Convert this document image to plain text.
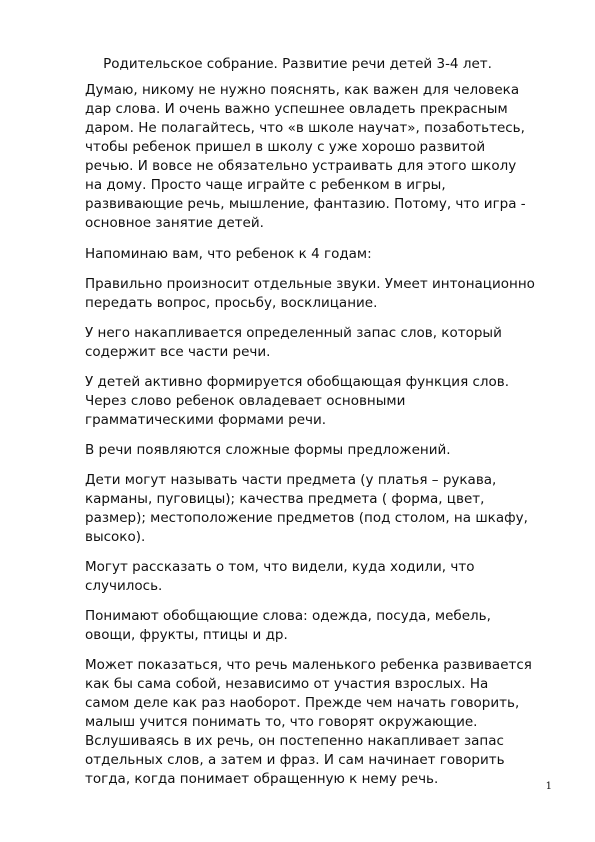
Родительское собрание. Развитие речи детей 3-4 лет.

Думаю, никому не нужно пояснять, как важен для человека
дар слова. И очень важно успешнее овладеть прекрасным
даром. Не полагайтесь, что «в школе научат», позаботьтесь,
чтобы ребенок пришел в школу с уже хорошо развитой
речью. И вовсе не обязательно устраивать для этого школу
на дому. Просто чаще играйте с ребенком в игры,
развивающие речь, мышление, фантазию. Потому, что игра -
основное занятие детей.

Напоминаю вам, что ребенок к 4 годам:

Правильно произносит отдельные звуки. Умеет интонационно
передать вопрос, просьбу, восклицание.

У него накапливается определенный запас слов, который
содержит все части речи.

У детей активно формируется обобщающая функция слов.
Через слово ребенок овладевает основными
грамматическими формами речи.

В речи появляются сложные формы предложений.

Дети могут называть части предмета (у платья – рукава,
карманы, пуговицы); качества предмета ( форма, цвет,
размер); местоположение предметов (под столом, на шкафу,
высоко).

Могут рассказать о том, что видели, куда ходили, что
случилось.

Понимают обобщающие слова: одежда, посуда, мебель,
овощи, фрукты, птицы и др.

Может показаться, что речь маленького ребенка развивается
как бы сама собой, независимо от участия взрослых. На
самом деле как раз наоборот. Прежде чем начать говорить,
малыш учится понимать то, что говорят окружающие.
Вслушиваясь в их речь, он постепенно накапливает запас
отдельных слов, а затем и фраз. И сам начинает говорить
тогда, когда понимает обращенную к нему речь.	1
